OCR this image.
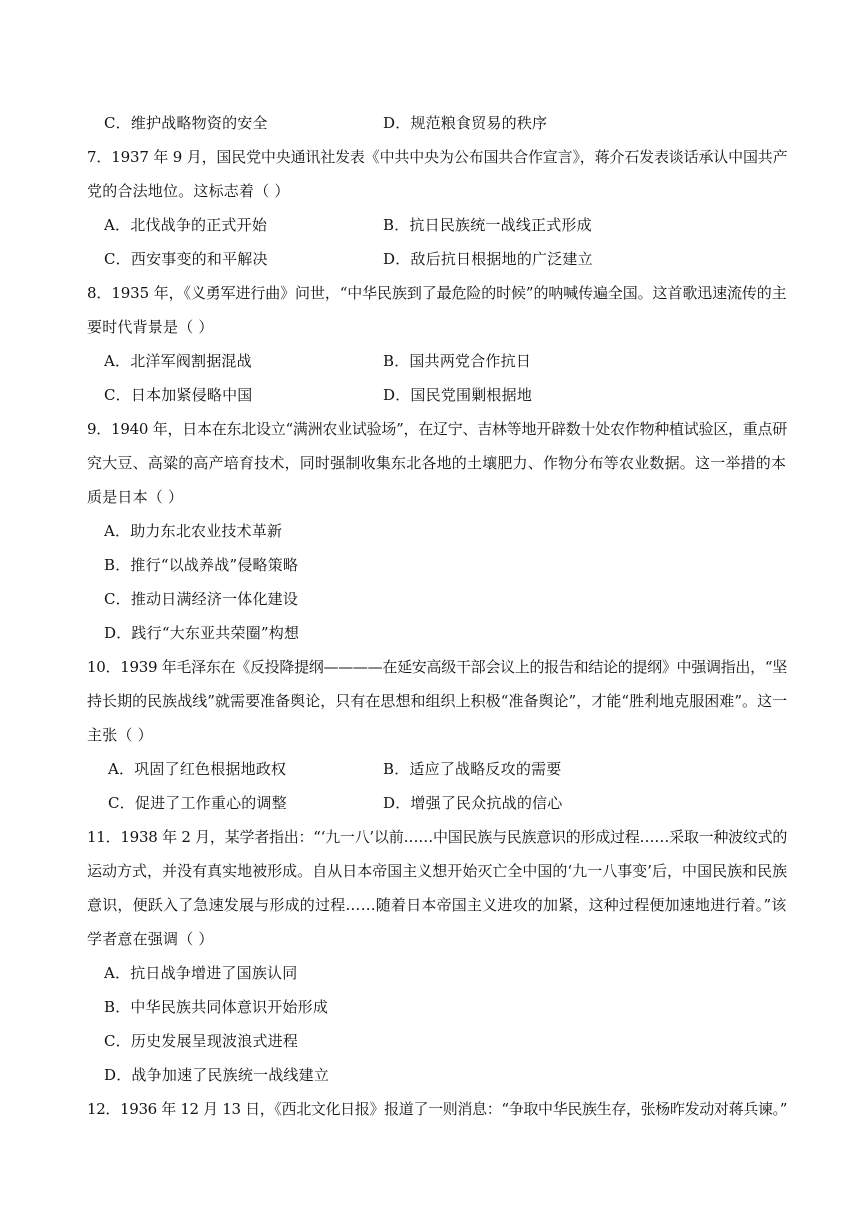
C．维护战略物资的安全	D．规范粮食贸易的秩序
7．1937 年 9 月，国民党中央通讯社发表《中共中央为公布国共合作宣言》，蒋介石发表谈话承认中国共产
党的合法地位。这标志着（ ）
A．北伐战争的正式开始	B．抗日民族统一战线正式形成
C．西安事变的和平解决	D．敌后抗日根据地的广泛建立
8．1935 年，《义勇军进行曲》问世，“中华民族到了最危险的时候”的呐喊传遍全国。这首歌迅速流传的主
要时代背景是（ ）
A．北洋军阀割据混战	B．国共两党合作抗日
C．日本加紧侵略中国	D．国民党围剿根据地
9．1940 年，日本在东北设立“满洲农业试验场”，在辽宁、吉林等地开辟数十处农作物种植试验区，重点研
究大豆、高粱的高产培育技术，同时强制收集东北各地的土壤肥力、作物分布等农业数据。这一举措的本
质是日本（ ）
A．助力东北农业技术革新
B．推行“以战养战”侵略策略
C．推动日满经济一体化建设
D．践行“大东亚共荣圈”构想
10．1939 年毛泽东在《反投降提纲————在延安高级干部会议上的报告和结论的提纲》中强调指出，“坚
持长期的民族战线”就需要准备舆论，只有在思想和组织上积极“准备舆论”，才能“胜利地克服困难”。这一
主张（ ）
A．巩固了红色根据地政权	B．适应了战略反攻的需要
C．促进了工作重心的调整	D．增强了民众抗战的信心
11．1938 年 2 月，某学者指出：“‘九一八’以前……中国民族与民族意识的形成过程……采取一种波纹式的
运动方式，并没有真实地被形成。自从日本帝国主义想开始灭亡全中国的‘九一八事变’后，中国民族和民族
意识，便跃入了急速发展与形成的过程……随着日本帝国主义进攻的加紧，这种过程便加速地进行着。”该
学者意在强调（ ）
A．抗日战争增进了国族认同
B．中华民族共同体意识开始形成
C．历史发展呈现波浪式进程
D．战争加速了民族统一战线建立
12．1936 年 12 月 13 日，《西北文化日报》报道了一则消息：“争取中华民族生存，张杨昨发动对蒋兵谏。”
